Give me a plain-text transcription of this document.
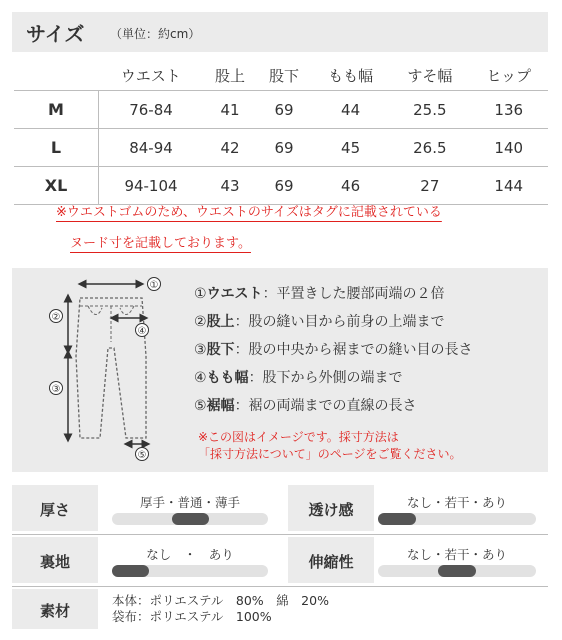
サイズ （単位：約cm）
	ウエスト	股上	股下	もも幅	すそ幅	ヒップ
M	76-84	41	69	44	25.5	136
L	84-94	42	69	45	26.5	140
XL	94-104	43	69	46	27	144
※ウエストゴムのため、ウエストのサイズはタグに記載されている
ヌード寸を記載しております。
①
②
③
④
⑤
①ウエスト：平置きした腰部両端の２倍
②股上：股の縫い目から前身の上端まで
③股下：股の中央から裾までの縫い目の長さ
④もも幅：股下から外側の端まで
⑤裾幅：裾の両端までの直線の長さ
※この図はイメージです。採寸方法は
「採寸方法について」のページをご覧ください。
厚さ	厚手・普通・薄手	透け感	なし・若干・あり
裏地	なし　・　あり	伸縮性	なし・若干・あり
素材
本体：ポリエステル　80%　綿　20%
袋布：ポリエステル　100%
